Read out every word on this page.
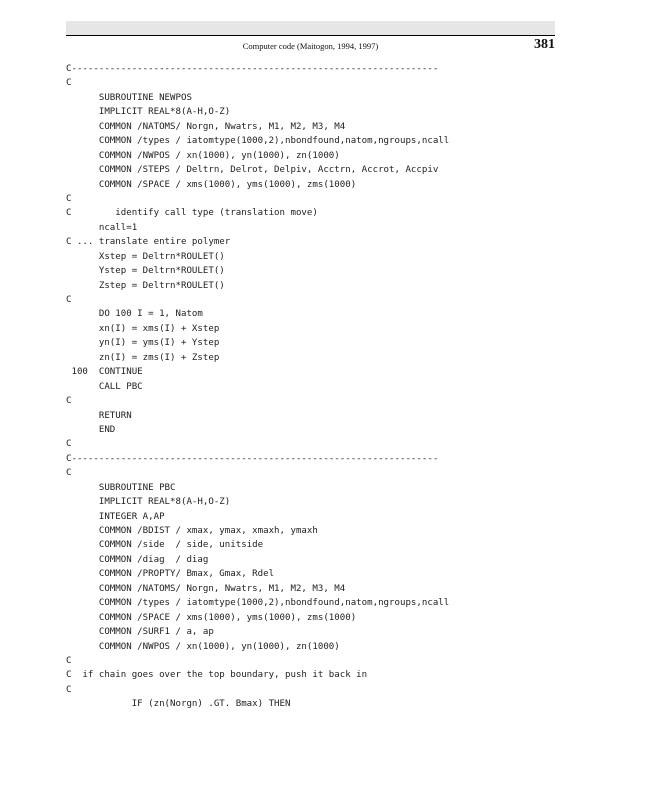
Computer code (Maitogon, 1994, 1997)	381
C-------------------------------------------------------------------
C
SUBROUTINE NEWPOS
IMPLICIT REAL*8(A-H,O-Z)
COMMON /NATOMS/ Norgn, Nwatrs, M1, M2, M3, M4
COMMON /types / iatomtype(1000,2),nbondfound,natom,ngroups,ncall
COMMON /NWPOS / xn(1000), yn(1000), zn(1000)
COMMON /STEPS / Deltrn, Delrot, Delpiv, Acctrn, Accrot, Accpiv
COMMON /SPACE / xms(1000), yms(1000), zms(1000)
C
C        identify call type (translation move)
ncall=1
C ... translate entire polymer
Xstep = Deltrn*ROULET()
Ystep = Deltrn*ROULET()
Zstep = Deltrn*ROULET()
C
DO 100 I = 1, Natom
xn(I) = xms(I) + Xstep
yn(I) = yms(I) + Ystep
zn(I) = zms(I) + Zstep
100  CONTINUE
CALL PBC
C
RETURN
END
C
C-------------------------------------------------------------------
C
SUBROUTINE PBC
IMPLICIT REAL*8(A-H,O-Z)
INTEGER A,AP
COMMON /BDIST / xmax, ymax, xmaxh, ymaxh
COMMON /side  / side, unitside
COMMON /diag  / diag
COMMON /PROPTY/ Bmax, Gmax, Rdel
COMMON /NATOMS/ Norgn, Nwatrs, M1, M2, M3, M4
COMMON /types / iatomtype(1000,2),nbondfound,natom,ngroups,ncall
COMMON /SPACE / xms(1000), yms(1000), zms(1000)
COMMON /SURF1 / a, ap
COMMON /NWPOS / xn(1000), yn(1000), zn(1000)
C
C  if chain goes over the top boundary, push it back in
C
IF (zn(Norgn) .GT. Bmax) THEN
